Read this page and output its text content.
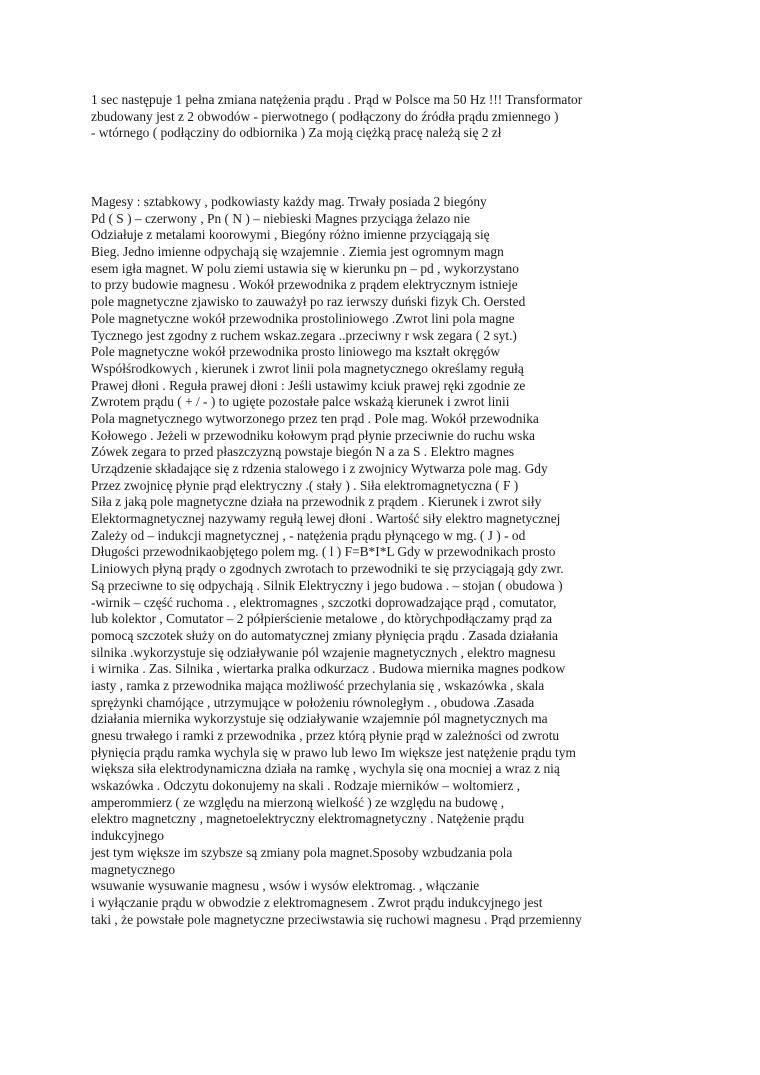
1 sec następuje 1 pełna zmiana natężenia prądu . Prąd w Polsce ma 50 Hz !!! Transformator
zbudowany jest z 2 obwodów - pierwotnego ( podłączony do źródła prądu zmiennego )
- wtórnego ( podłącziny do odbiornika ) Za moją ciężką pracę należą się 2 zł
Magesy : sztabkowy , podkowiasty każdy mag. Trwały posiada 2 biegóny
Pd ( S ) – czerwony , Pn ( N ) – niebieski Magnes przyciąga żelazo nie
Odziałuje z metalami koorowymi , Biegóny różno imienne przyciągają się
Bieg. Jedno imienne odpychają się wzajemnie . Ziemia jest ogromnym magn
esem igła magnet. W polu ziemi ustawia się w kierunku pn – pd , wykorzystano
to przy budowie magnesu . Wokół przewodnika z prądem elektrycznym istnieje
pole magnetyczne zjawisko to zauważył po raz ierwszy duński fizyk Ch. Oersted
Pole magnetyczne wokół przewodnika prostoliniowego .Zwrot lini pola magne
Tycznego jest zgodny z ruchem wskaz.zegara ..przeciwny r wsk zegara ( 2 syt.)
Pole magnetyczne wokół przewodnika prosto liniowego ma kształt okręgów
Współśrodkowych , kierunek i zwrot linii pola magnetycznego określamy regułą
Prawej dłoni . Reguła prawej dłoni : Jeśli ustawimy kciuk prawej ręki zgodnie ze
Zwrotem prądu ( + / - ) to ugięte pozostałe palce wskażą kierunek i zwrot linii
Pola magnetycznego wytworzonego przez ten prąd . Pole mag. Wokół przewodnika
Kołowego . Jeżeli w przewodniku kołowym prąd płynie przeciwnie do ruchu wska
Zówek zegara to przed płaszczyzną powstaje biegón N a za S . Elektro magnes
Urządzenie składające się z rdzenia stalowego i z zwojnicy Wytwarza pole mag. Gdy
Przez zwojnicę płynie prąd elektryczny .( stały ) . Siła elektromagnetyczna ( F )
Siła z jaką pole magnetyczne działa na przewodnik z prądem . Kierunek i zwrot siły
Elektormagnetycznej nazywamy regułą lewej dłoni . Wartość siły elektro magnetycznej
Zależy od – indukcji magnetycznej , - natężenia prądu płynącego w mg. ( J ) - od
Długości przewodnikaobjętego polem mg. ( l ) F=B*I*L Gdy w przewodnikach prosto
Liniowych płyną prądy o zgodnych zwrotach to przewodniki te się przyciągają gdy zwr.
Są przeciwne to się odpychają . Silnik Elektryczny i jego budowa . – stojan ( obudowa )
-wirnik – część ruchoma . , elektromagnes , szczotki doprowadzające prąd , comutator,
lub kolektor , Comutator – 2 półpierścienie metalowe , do ktòrychpodłączamy prąd za
pomocą szczotek służy on do automatycznej zmiany płynięcia prądu . Zasada działania
silnika .wykorzystuje się odziaływanie pól wzajenie magnetycznych , elektro magnesu
i wirnika . Zas. Silnika , wiertarka pralka odkurzacz . Budowa miernika magnes podkow
iasty , ramka z przewodnika mająca możliwość przechylania się , wskazówka , skala
sprężynki chamójące , utrzymujące w położeniu równoległym . , obudowa .Zasada
działania miernika wykorzystuje się odziaływanie wzajemnie pól magnetycznych ma
gnesu trwałego i ramki z przewodnika , przez którą płynie prąd w zależności od zwrotu
płynięcia prądu ramka wychyla się w prawo lub lewo Im większe jest natężenie prądu tym
większa siła elektrodynamiczna działa na ramkę , wychyla się ona mocniej a wraz z nią
wskazówka . Odczytu dokonujemy na skali . Rodzaje mierników – woltomierz ,
amperommierz ( ze względu na mierzoną wielkość ) ze względu na budowę ,
elektro magnetczny , magnetoelektryczny elektromagnetyczny . Natężenie prądu
indukcyjnego
jest tym większe im szybsze są zmiany pola magnet.Sposoby wzbudzania pola
magnetycznego
wsuwanie wysuwanie magnesu , wsów i wysów elektromag. , włączanie
i wyłączanie prądu w obwodzie z elektromagnesem . Zwrot prądu indukcyjnego jest
taki , że powstałe pole magnetyczne przeciwstawia się ruchowi magnesu . Prąd przemienny
